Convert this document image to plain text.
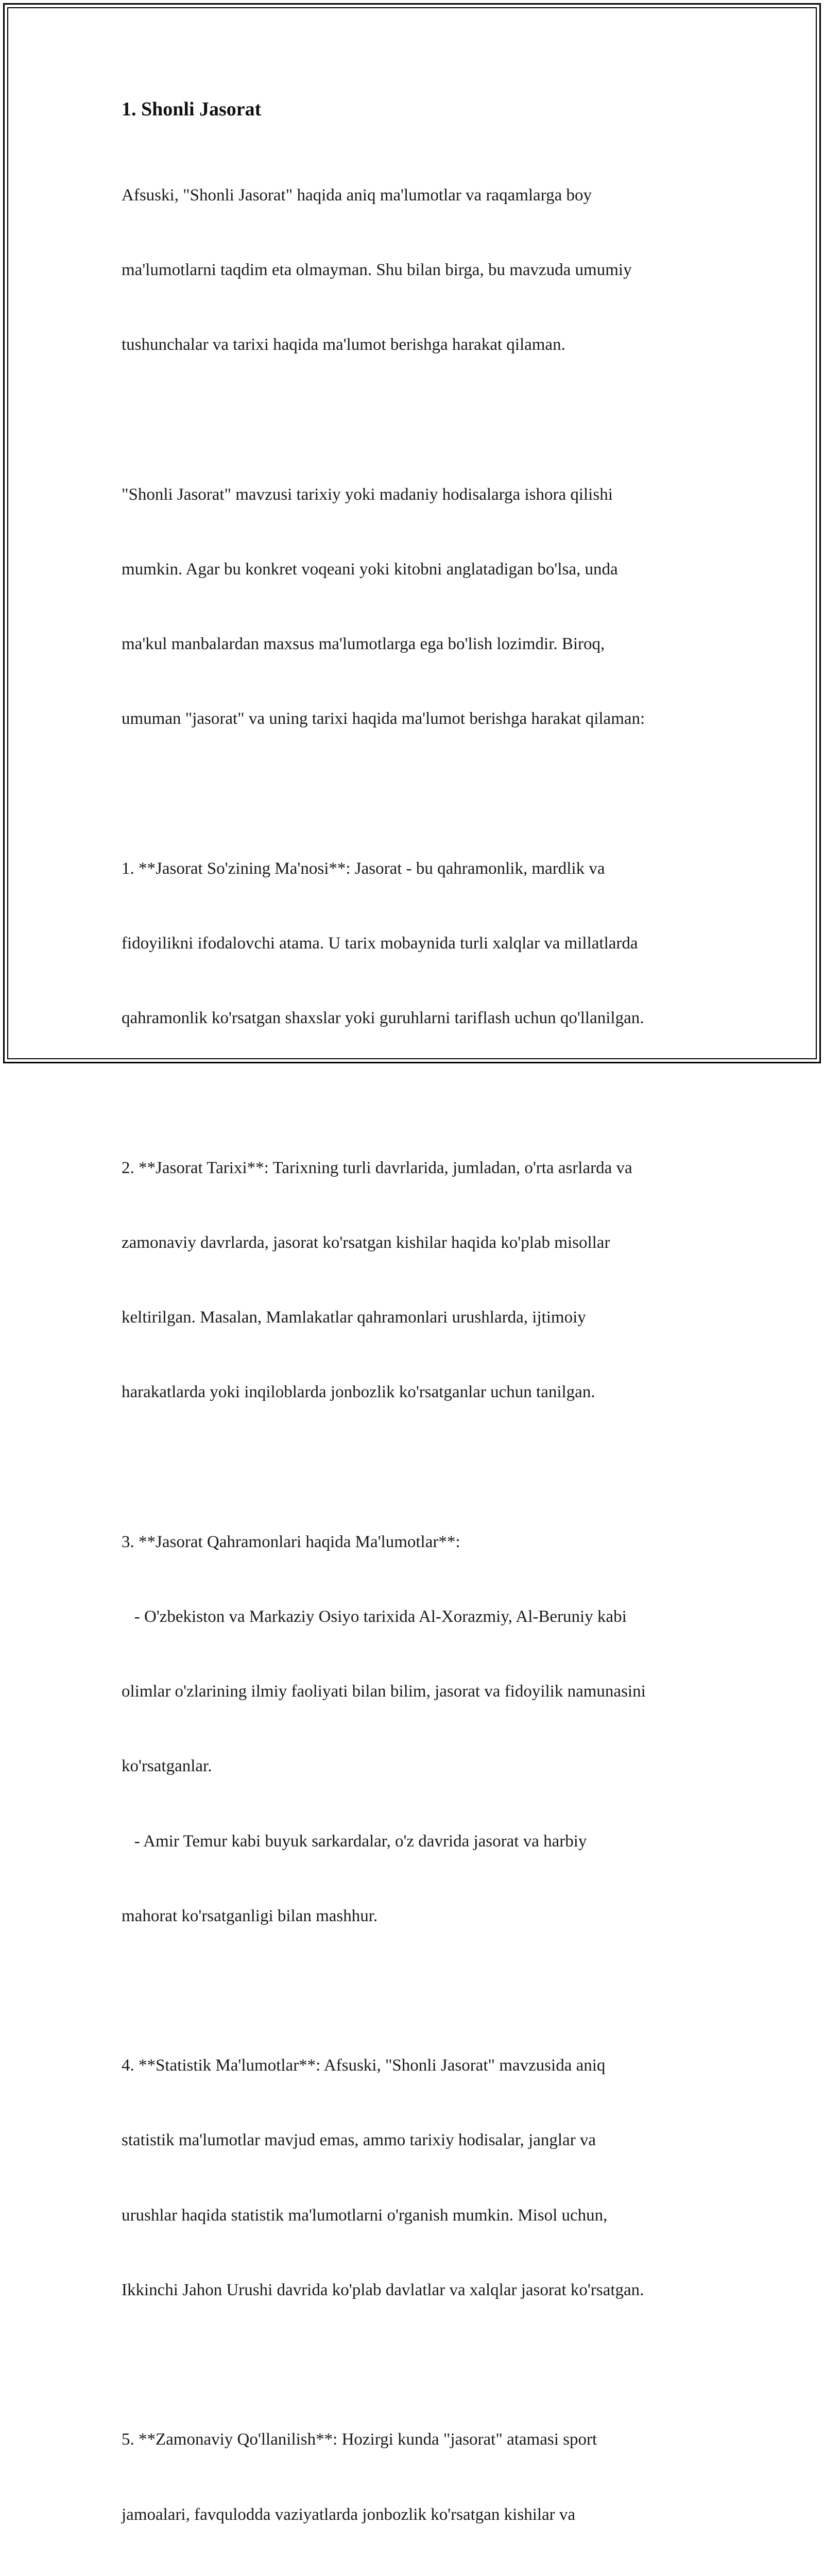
1. Shonli Jasorat

Afsuski, "Shonli Jasorat" haqida aniq ma'lumotlar va raqamlarga boy

ma'lumotlarni taqdim eta olmayman. Shu bilan birga, bu mavzuda umumiy

tushunchalar va tarixi haqida ma'lumot berishga harakat qilaman.

"Shonli Jasorat" mavzusi tarixiy yoki madaniy hodisalarga ishora qilishi

mumkin. Agar bu konkret voqeani yoki kitobni anglatadigan bo'lsa, unda

ma'kul manbalardan maxsus ma'lumotlarga ega bo'lish lozimdir. Biroq,

umuman "jasorat" va uning tarixi haqida ma'lumot berishga harakat qilaman:

1. **Jasorat So'zining Ma'nosi**: Jasorat - bu qahramonlik, mardlik va

fidoyilikni ifodalovchi atama. U tarix mobaynida turli xalqlar va millatlarda

qahramonlik ko'rsatgan shaxslar yoki guruhlarni tariflash uchun qo'llanilgan.

2. **Jasorat Tarixi**: Tarixning turli davrlarida, jumladan, o'rta asrlarda va

zamonaviy davrlarda, jasorat ko'rsatgan kishilar haqida ko'plab misollar

keltirilgan. Masalan, Mamlakatlar qahramonlari urushlarda, ijtimoiy

harakatlarda yoki inqiloblarda jonbozlik ko'rsatganlar uchun tanilgan.

3. **Jasorat Qahramonlari haqida Ma'lumotlar**:

- O'zbekiston va Markaziy Osiyo tarixida Al-Xorazmiy, Al-Beruniy kabi

olimlar o'zlarining ilmiy faoliyati bilan bilim, jasorat va fidoyilik namunasini

ko'rsatganlar.

- Amir Temur kabi buyuk sarkardalar, o'z davrida jasorat va harbiy

mahorat ko'rsatganligi bilan mashhur.

4. **Statistik Ma'lumotlar**: Afsuski, "Shonli Jasorat" mavzusida aniq

statistik ma'lumotlar mavjud emas, ammo tarixiy hodisalar, janglar va

urushlar haqida statistik ma'lumotlarni o'rganish mumkin. Misol uchun,

Ikkinchi Jahon Urushi davrida ko'plab davlatlar va xalqlar jasorat ko'rsatgan.

5. **Zamonaviy Qo'llanilish**: Hozirgi kunda "jasorat" atamasi sport

jamoalari, favqulodda vaziyatlarda jonbozlik ko'rsatgan kishilar va
